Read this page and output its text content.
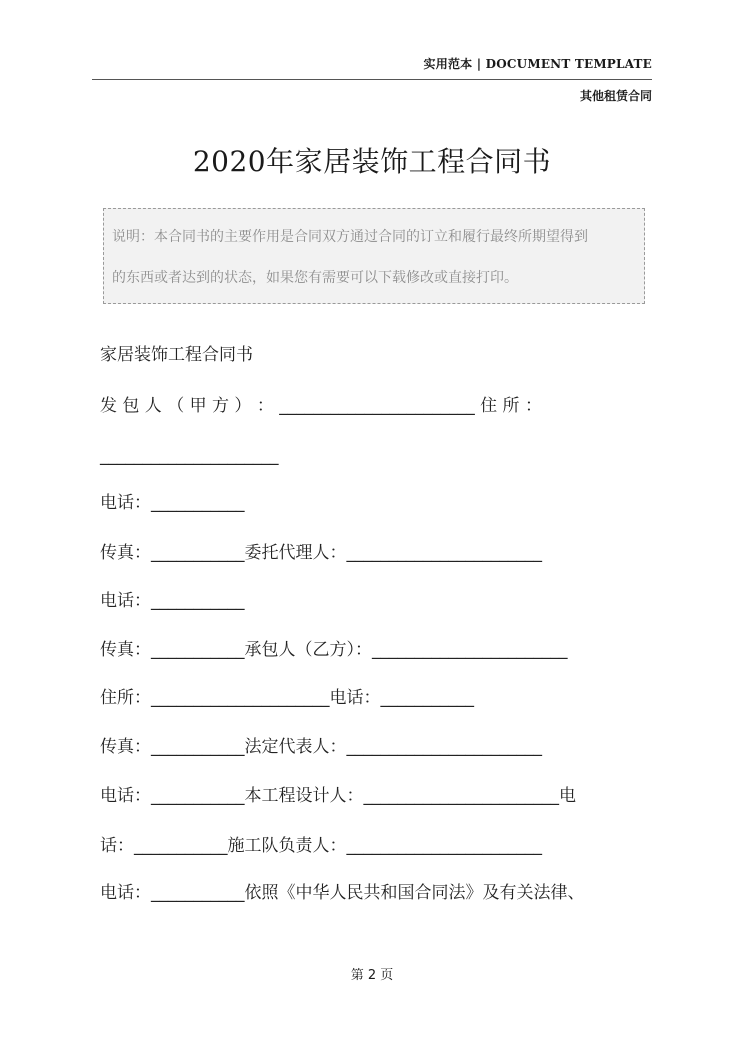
实用范本 | DOCUMENT TEMPLATE
其他租赁合同
2020年家居装饰工程合同书
说明：本合同书的主要作用是合同双方通过合同的订立和履行最终所期望得到
的东西或者达到的状态，如果您有需要可以下载修改或直接打印。
家居装饰工程合同书
发 包 人 （ 甲 方 ） ： _______________________ 住 所 ：
_____________________
电话：___________
传真：___________委托代理人：_______________________
电话：___________
传真：___________承包人（乙方）：_______________________
住所：_____________________电话：___________
传真：___________法定代表人：_______________________
电话：___________本工程设计人：_______________________电
话：___________施工队负责人：_______________________
电话：___________依照《中华人民共和国合同法》及有关法律、
第 2 页
